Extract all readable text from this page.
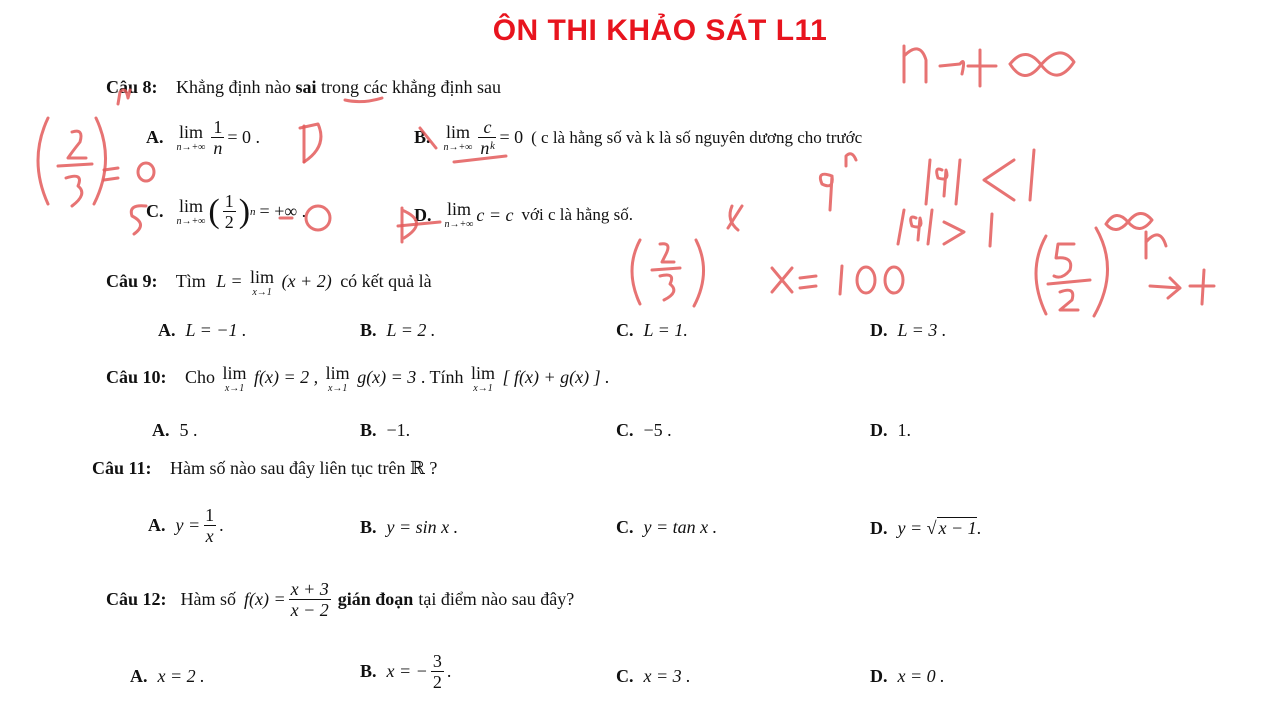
ÔN THI KHẢO SÁT L11
Câu 8: Khẳng định nào sai trong các khẳng định sau
A. lim
$n\to+\infty \frac{1}{n} = 0$ .	B. lim
$n\to+\infty \frac{c}{\text{nᵏ}} = 0$ ( c là hằng số và k là số nguyên dương cho trước
C. lim
n→+∞ ( $\frac{1}{2}$ ) n = +∞ .	D. lim
n→+∞ c = c với c là hằng số.
Câu 9: Tìm L = lim
x→1
(x + 2) có kết quả là
A. L = −1 .	B. L = 2 .	C. L = 1.	D. L = 3 .
Câu 10: Cho lim
x→1
f(x) = 2 , lim
x→1
g(x) = 3 . Tính lim
x→1
[ f(x) + g(x) ] .
A. 5 .	B. −1.	C. −5 .	D. 1.
Câu 11: Hàm số nào sau đây liên tục trên ℝ ?
A. $y = \frac{1}{x}$ .	B. y = sin x .	C. y = tan x .	D. y = √ x − 1 .
Câu 12: Hàm số $f(x) = \frac{x + 3}{x - 2}$ gián đoạn tại điểm nào sau đây?
A. x = 2 .	B. x = − $\frac{3}{2}$ .	C. x = 3 .	D. x = 0 .
